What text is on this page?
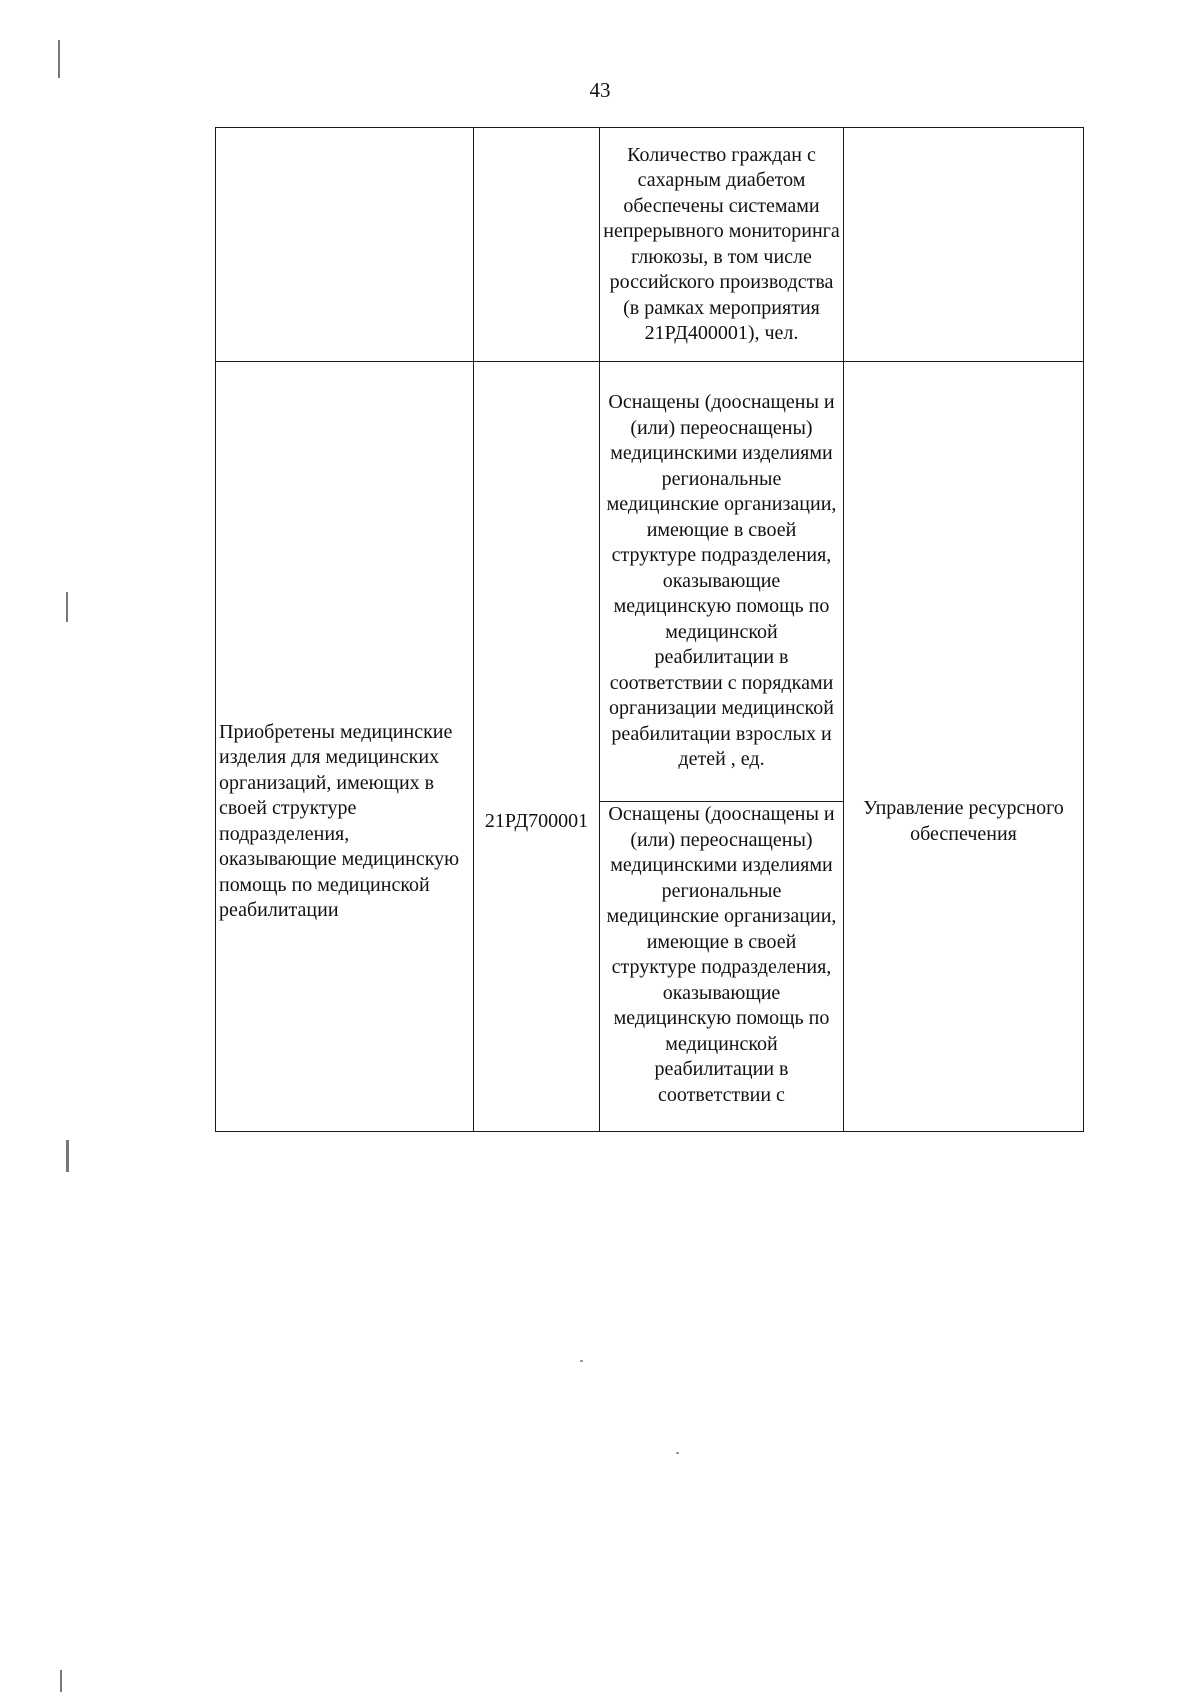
43
		Количество граждан с сахарным диабетом обеспечены системами непрерывного мониторинга глюкозы, в том числе российского производства (в рамках мероприятия 21РД400001), чел.	
Приобретены медицинские изделия для медицинских организаций, имеющих в своей структуре подразделения, оказывающие медицинскую помощь по медицинской реабилитации	21РД700001	Оснащены (дооснащены и (или) переоснащены) медицинскими изделиями региональные медицинские организации, имеющие в своей структуре подразделения, оказывающие медицинскую помощь по медицинской реабилитации в соответствии с порядками организации медицинской реабилитации взрослых и детей , ед.	Управление ресурсного обеспечения
		Оснащены (дооснащены и (или) переоснащены) медицинскими изделиями региональные медицинские организации, имеющие в своей структуре подразделения, оказывающие медицинскую помощь по медицинской реабилитации в соответствии с	
